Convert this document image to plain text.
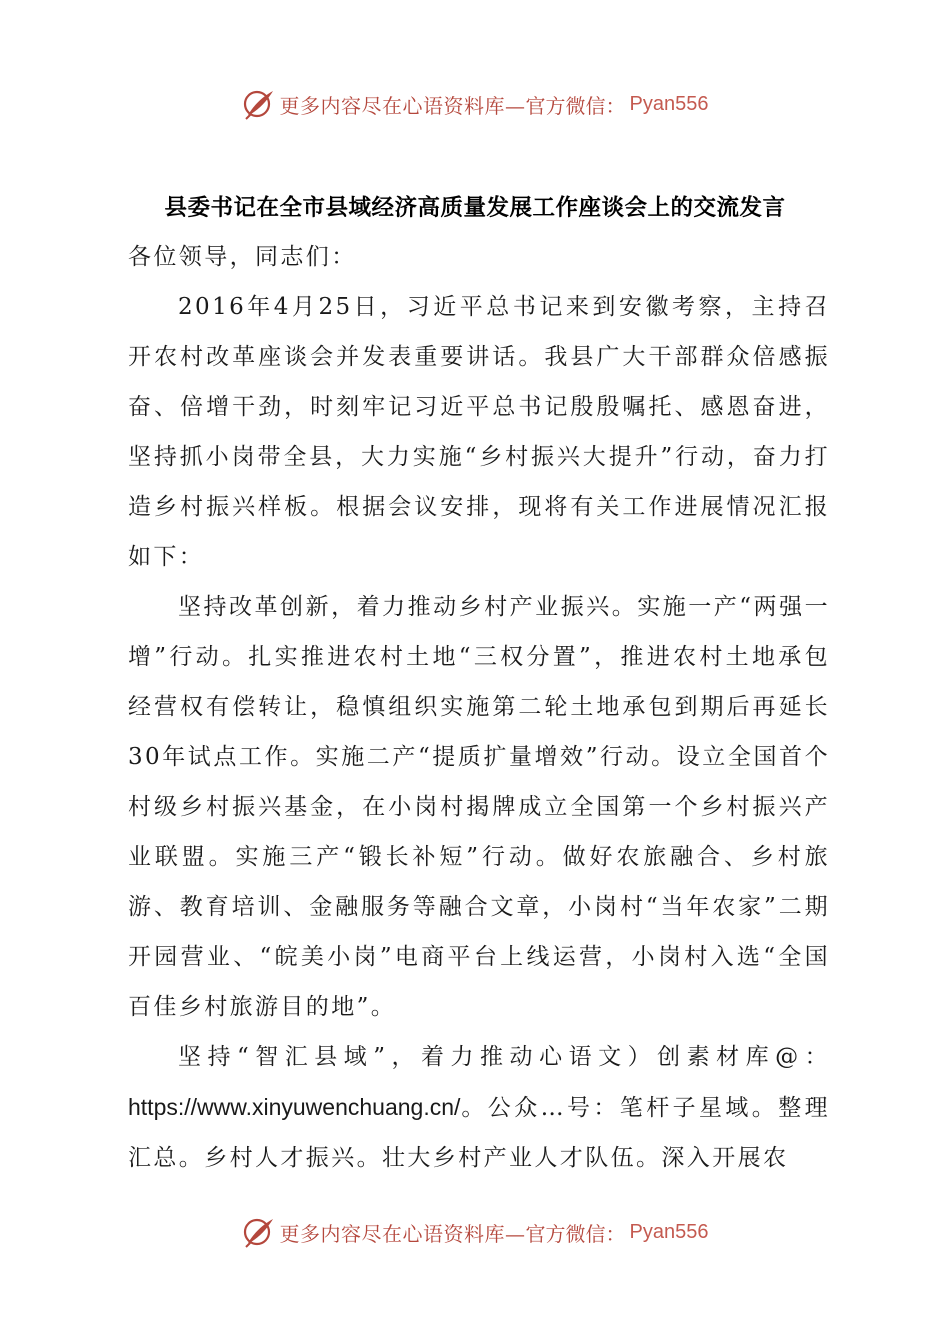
更多内容尽在心语资料库— 官方微信： Pyan556
县委书记在全市县域经济高质量发展工作座谈会上的交流发言

各位领导，同志们：

2016年4月25日，习近平总书记来到安徽考察，主持召开农村改革座谈会并发表重要讲话。我县广大干部群众倍感振奋、倍增干劲，时刻牢记习近平总书记殷殷嘱托、感恩奋进，坚持抓小岗带全县，大力实施“乡村振兴大提升”行动，奋力打造乡村振兴样板。根据会议安排，现将有关工作进展情况汇报如下：

坚持改革创新，着力推动乡村产业振兴。实施一产“两强一增”行动。扎实推进农村土地“三权分置”，推进农村土地承包经营权有偿转让，稳慎组织实施第二轮土地承包到期后再延长30年试点工作。实施二产“提质扩量增效”行动。设立全国首个村级乡村振兴基金，在小岗村揭牌成立全国第一个乡村振兴产业联盟。实施三产“锻长补短”行动。做好农旅融合、乡村旅游、教育培训、金融服务等融合文章，小岗村“当年农家”二期开园营业、“皖美小岗”电商平台上线运营，小岗村入选“全国百佳乡村旅游目的地”。

坚持“智汇县域”，着力推动心语文）创素材库@：https://www.xinyuwenchuang.cn/。公众…号：笔杆子星域。整理汇总。乡村人才振兴。壮大乡村产业人才队伍。深入开展农

更多内容尽在心语资料库— 官方微信： Pyan556
